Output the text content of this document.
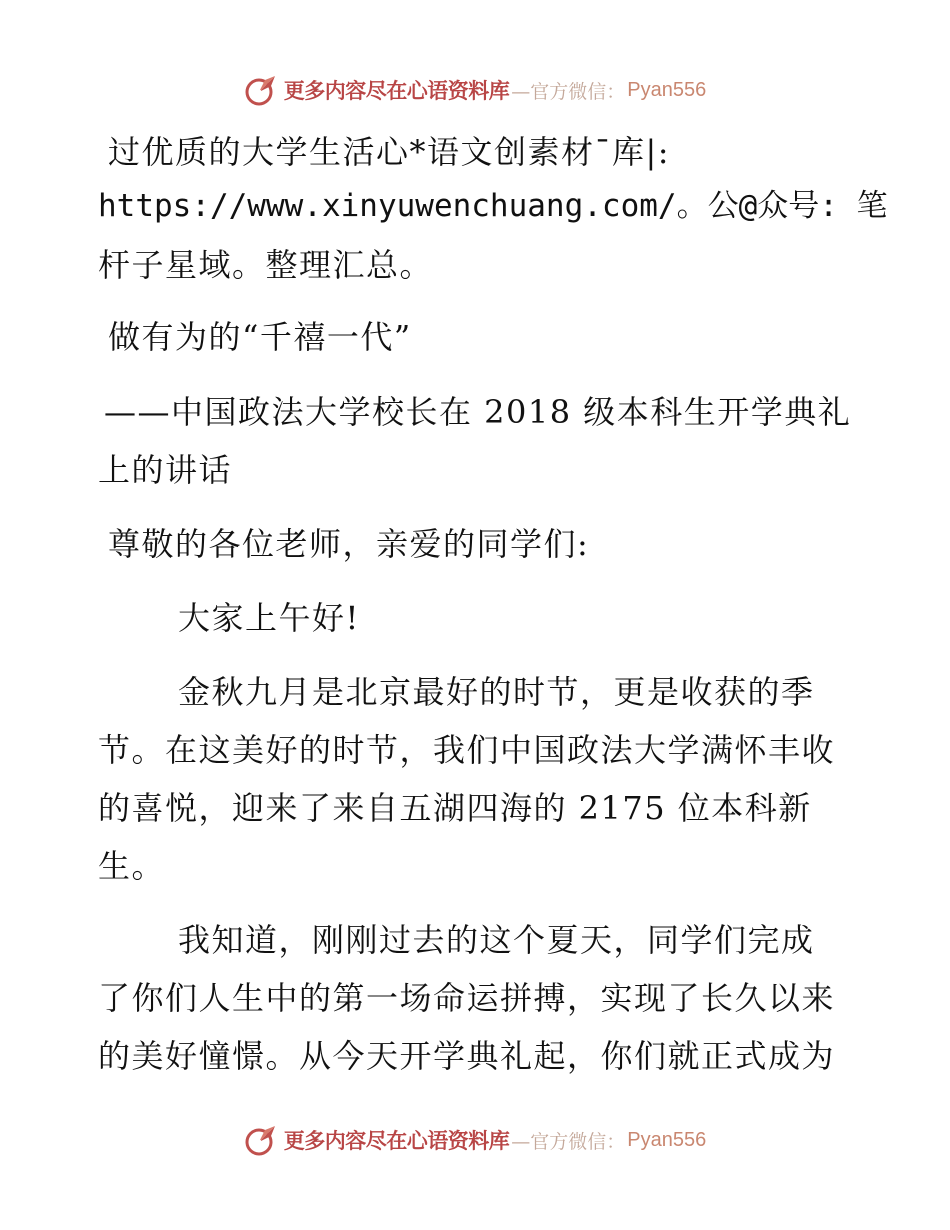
更多内容尽在心语资料库 —官方微信： Pyan556

过优质的大学生活心*语文创素材¯库|:

https://www.xinyuwenchuang.com/。公@众号: 笔

杆子星域。整理汇总。

做有为的“千禧一代”

——中国政法大学校长在 2018 级本科生开学典礼

上的讲话

尊敬的各位老师，亲爱的同学们:

大家上午好!

金秋九月是北京最好的时节，更是收获的季

节。在这美好的时节，我们中国政法大学满怀丰收

的喜悦，迎来了来自五湖四海的 2175 位本科新

生。

我知道，刚刚过去的这个夏天，同学们完成

了你们人生中的第一场命运拼搏，实现了长久以来

的美好憧憬。从今天开学典礼起，你们就正式成为

更多内容尽在心语资料库 —官方微信： Pyan556
